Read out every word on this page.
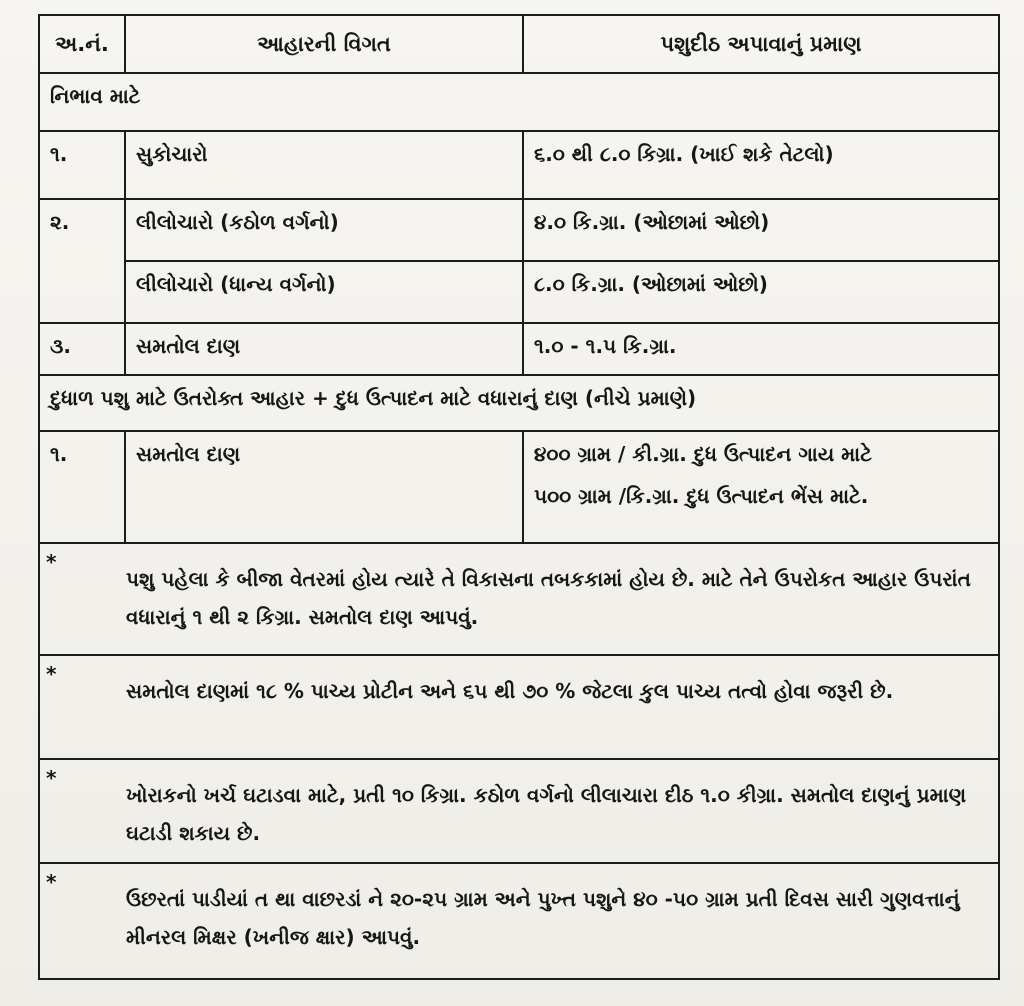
અ.નં.	આહારની વિગત	પશુદીઠ અપાવાનું પ્રમાણ
નિભાવ માટે		
૧.	સુકોચારો	૬.૦ થી ૮.૦ કિગ્રા. (ખાઈ શકે તેટલો)
૨.	લીલોચારો (કઠોળ વર્ગનો)	૪.૦ કિ.ગ્રા. (ઓછામાં ઓછો)
	લીલોચારો (ધાન્ય વર્ગનો)	૮.૦ કિ.ગ્રા. (ઓછામાં ઓછો)
૩.	સમતોલ દાણ	૧.૦ - ૧.૫ કિ.ગ્રા.
દુધાળ પશુ માટે ઉતરોક્ત આહાર + દુધ ઉત્પાદન માટે વધારાનું દાણ (નીચે પ્રમાણે)		
૧.	સમતોલ દાણ	૪૦૦ ગ્રામ / કી.ગ્રા. દુધ ઉત્પાદન ગાય માટે
૫૦૦ ગ્રામ /કિ.ગ્રા. દુધ ઉત્પાદન ભેંસ માટે.

*પશુ પહેલા કે બીજા વેતરમાં હોય ત્યારે તે વિકાસના તબકકામાં હોય છે. માટે તેને ઉપરોકત આહાર ઉપરાંત વધારાનું ૧ થી ૨ કિગ્રા. સમતોલ દાણ આપવું.		
*સમતોલ દાણમાં ૧૮ % પાચ્ય પ્રોટીન અને ૬૫ થી ૭૦ % જેટલા કુલ પાચ્ય તત્વો હોવા જરૂરી છે.		
*ખોરાકનો ખર્ચ ઘટાડવા માટે, પ્રતી ૧૦ કિગ્રા. કઠોળ વર્ગનો લીલાચારા દીઠ ૧.૦ કીગ્રા. સમતોલ દાણનું પ્રમાણ ઘટાડી શકાય છે.		
*ઉછરતાં પાડીયાં ત થા વાછરડાં ને ૨૦-૨૫ ગ્રામ અને પુખ્ત પશુને ૪૦ -૫૦ ગ્રામ પ્રતી દિવસ સારી ગુણવત્તાનું મીનરલ મિક્ષર (ખનીજ ક્ષાર) આપવું.		
